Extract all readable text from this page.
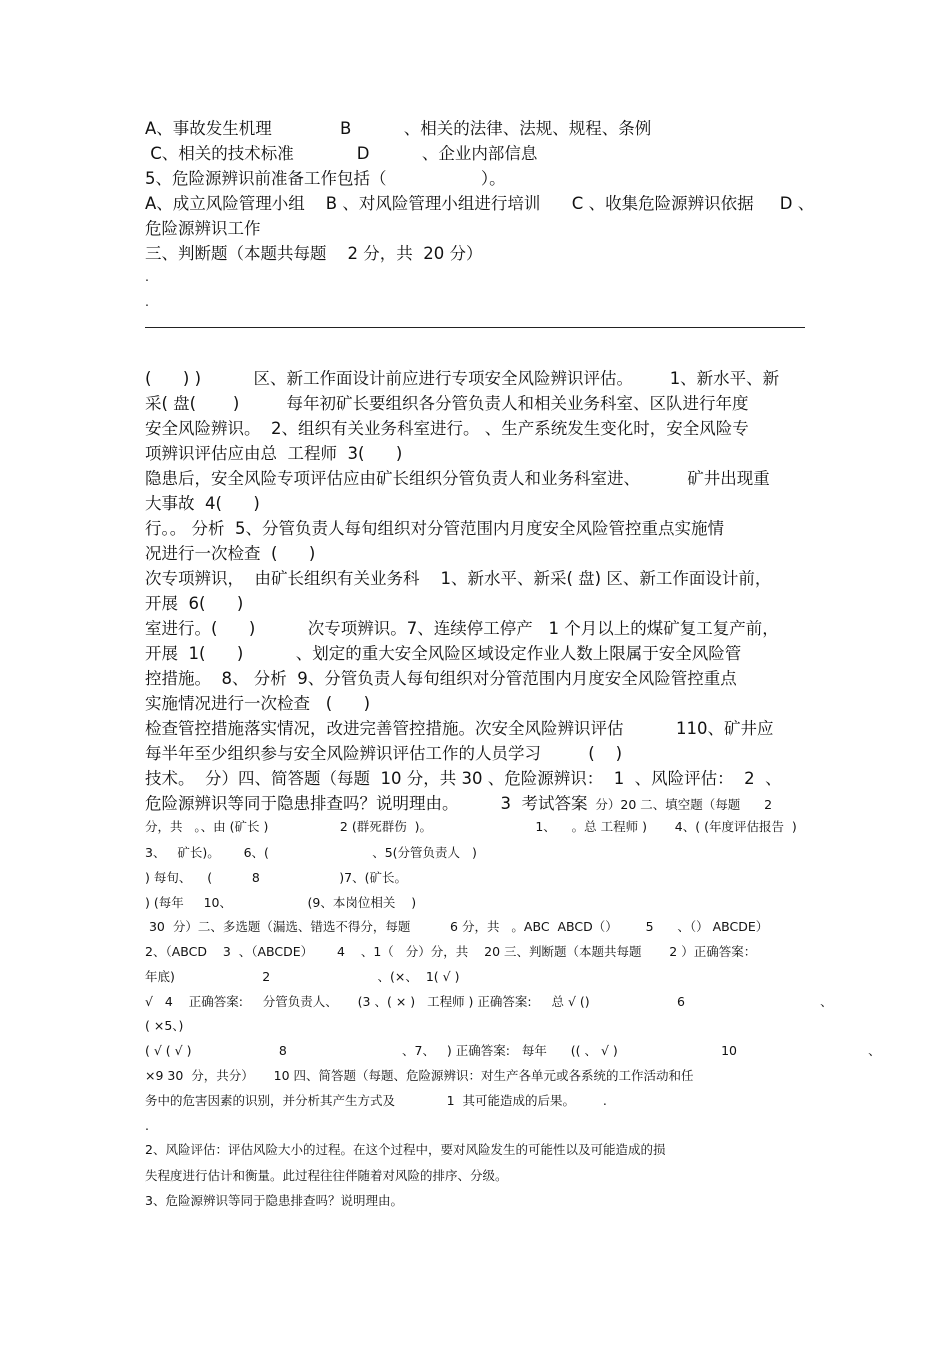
A、事故发生机理             B          、相关的法律、法规、规程、条例

C、相关的技术标准            D          、企业内部信息

5、危险源辨识前准备工作包括（                  ）。

A、成立风险管理小组    B 、对风险管理小组进行培训      C 、收集危险源辨识依据     D 、

危险源辨识工作

三、判断题（本题共每题    2 分，共  20 分）

.

.

(      ) )          区、新工作面设计前应进行专项安全风险辨识评估。       1、新水平、新

采( 盘(       )         每年初矿长要组织各分管负责人和相关业务科室、区队进行年度

安全风险辨识。  2、组织有关业务科室进行。 、生产系统发生变化时，安全风险专

项辨识评估应由总  工程师  3(      )

隐患后，安全风险专项评估应由矿长组织分管负责人和业务科室进、         矿井出现重

大事故  4(      )

行。。 分析  5、分管负责人每旬组织对分管范围内月度安全风险管控重点实施情

况进行一次检查  (      )

次专项辨识，  由矿长组织有关业务科    1、新水平、新采( 盘) 区、新工作面设计前，

开展  6(      )

室进行。(      )          次专项辨识。7、连续停工停产   1 个月以上的煤矿复工复产前，

开展  1(      )          、划定的重大安全风险区域设定作业人数上限属于安全风险管

控措施。  8、 分析  9、分管负责人每旬组织对分管范围内月度安全风险管控重点

实施情况进行一次检查   (      )

检查管控措施落实情况，改进完善管控措施。次安全风险辨识评估          110、矿井应

每半年至少组织参与安全风险辨识评估工作的人员学习         (    )

技术。  分）四、简答题（每题  10 分，共 30 、危险源辨识：  1  、风险评估：  2  、

危险源辨识等同于隐患排查吗？说明理由。        3  考试答案  分）20 二、填空题（每题      2

分，共   。、由 (矿长 )                  2 (群死群伤  )。                          1、    。总 工程师 )       4、( (年度评估报告  )

3、   矿长)。      6、(                          、5(分管负责人   )

) 每旬、    (          8                    )7、(矿长。

) (每年     10、                   (9、本岗位相关    )

30  分）二、多选题（漏选、错选不得分，每题          6 分，共   。ABC  ABCD（）       5      、（） ABCDE）

2、（ABCD    3  、（ABCDE）      4    、1（   分）分，共    20 三、判断题（本题共每题       2 ）正确答案：

年底)                      2                           、(×、  1( √ )

√   4    正确答案:     分管负责人、     (3 、( × )   工程师 ) 正确答案:     总 √ ()                      6                                  、

( ×5、)

( √ ( √ )                      8                             、7、   ) 正确答案:   每年      (( 、 √ )                          10                                 、

×9 30  分，共分）     10 四、简答题（每题、危险源辨识：对生产各单元或各系统的工作活动和任

务中的危害因素的识别，并分析其产生方式及             1  其可能造成的后果。       .

.

2、风险评估：评估风险大小的过程。在这个过程中，要对风险发生的可能性以及可能造成的损

失程度进行估计和衡量。此过程往往伴随着对风险的排序、分级。

3、危险源辨识等同于隐患排查吗？说明理由。
